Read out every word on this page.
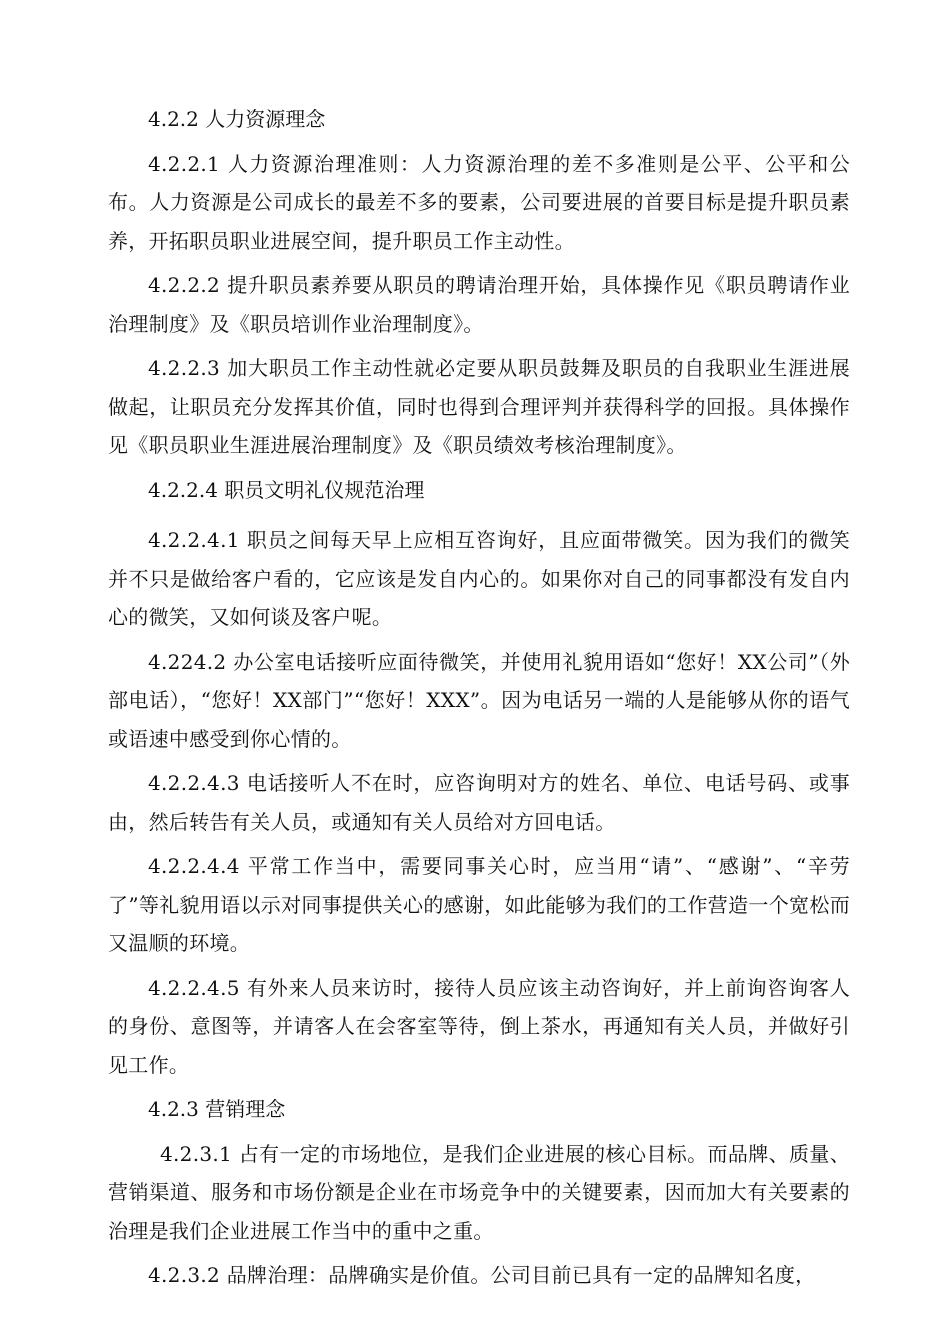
4.2.2 人力资源理念

4.2.2.1 人力资源治理准则：人力资源治理的差不多准则是公平、公平和公布。人力资源是公司成长的最差不多的要素，公司要进展的首要目标是提升职员素养，开拓职员职业进展空间，提升职员工作主动性。

4.2.2.2 提升职员素养要从职员的聘请治理开始，具体操作见《职员聘请作业治理制度》及《职员培训作业治理制度》。

4.2.2.3 加大职员工作主动性就必定要从职员鼓舞及职员的自我职业生涯进展做起，让职员充分发挥其价值，同时也得到合理评判并获得科学的回报。具体操作见《职员职业生涯进展治理制度》及《职员绩效考核治理制度》。

4.2.2.4 职员文明礼仪规范治理

4.2.2.4.1 职员之间每天早上应相互咨询好，且应面带微笑。因为我们的微笑并不只是做给客户看的，它应该是发自内心的。如果你对自己的同事都没有发自内心的微笑，又如何谈及客户呢。

4.224.2 办公室电话接听应面待微笑，并使用礼貌用语如“您好！XX公司”（外部电话），“您好！XX部门”“您好！XXX”。因为电话另一端的人是能够从你的语气或语速中感受到你心情的。

4.2.2.4.3 电话接听人不在时，应咨询明对方的姓名、单位、电话号码、或事由，然后转告有关人员，或通知有关人员给对方回电话。

4.2.2.4.4 平常工作当中，需要同事关心时，应当用“请”、“感谢”、“辛劳了”等礼貌用语以示对同事提供关心的感谢，如此能够为我们的工作营造一个宽松而又温顺的环境。

4.2.2.4.5 有外来人员来访时，接待人员应该主动咨询好，并上前询咨询客人的身份、意图等，并请客人在会客室等待，倒上茶水，再通知有关人员，并做好引见工作。

4.2.3 营销理念

4.2.3.1 占有一定的市场地位，是我们企业进展的核心目标。而品牌、质量、营销渠道、服务和市场份额是企业在市场竞争中的关键要素，因而加大有关要素的治理是我们企业进展工作当中的重中之重。

4.2.3.2 品牌治理：品牌确实是价值。公司目前已具有一定的品牌知名度，
